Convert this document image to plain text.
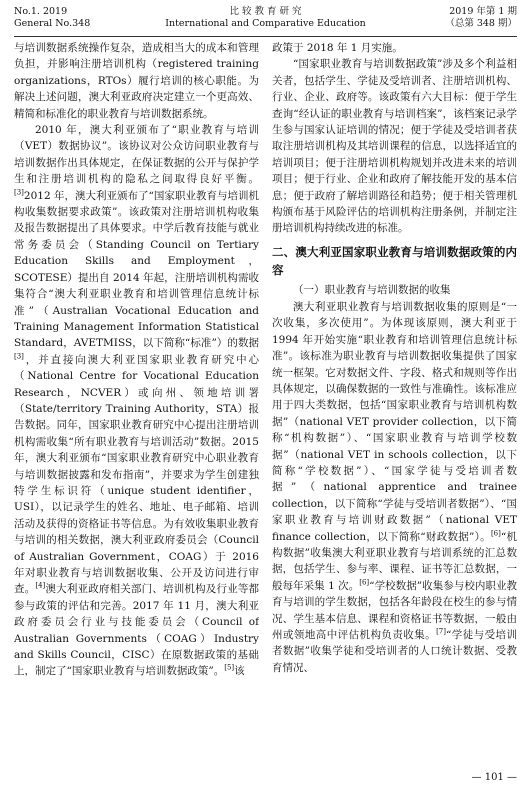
No.1. 2019
General No.348
比 较 教 育 研 究
International and Comparative Education
2019 年第 1 期
（总第 348 期）

与培训数据系统操作复杂，造成相当大的成本和管理负担，并影响注册培训机构（registered training organizations，RTOs）履行培训的核心职能。为解决上述问题，澳大利亚政府决定建立一个更高效、精简和标准化的职业教育与培训数据系统。

2010 年，澳大利亚颁布了“职业教育与培训（VET）数据协议”。该协议对公众访问职业教育与培训数据作出具体规定，在保证数据的公开与保护学生和注册培训机构的隐私之间取得良好平衡。[3]2012 年，澳大利亚颁布了“国家职业教育与培训机构收集数据要求政策”。该政策对注册培训机构收集及报告数据提出了具体要求。中学后教育技能与就业常务委员会（Standing Council on Tertiary Education Skills and Employment，SCOTESE）提出自 2014 年起，注册培训机构需收集符合“澳大利亚职业教育和培训管理信息统计标准”（Australian Vocational Education and Training Management Information Statistical Standard，AVETMISS，以下简称“标准”）的数据[3]，并直接向澳大利亚国家职业教育研究中心（National Centre for Vocational Education Research，NCVER）或向州、领地培训署（State/territory Training Authority，STA）报告数据。同年，国家职业教育研究中心提出注册培训机构需收集“所有职业教育与培训活动”数据。2015 年，澳大利亚颁布“国家职业教育研究中心职业教育与培训数据披露和发布指南”，并要求为学生创建独特学生标识符（unique student identifier，USI），以记录学生的姓名、地址、电子邮箱、培训活动及获得的资格证书等信息。为有效收集职业教育与培训的相关数据，澳大利亚政府委员会（Council of Australian Government，COAG）于 2016 年对职业教育与培训数据收集、公开及访问进行审查。[4]澳大利亚政府相关部门、培训机构及行业等都参与政策的评估和完善。2017 年 11 月，澳大利亚政府委员会行业与技能委员会（Council of Australian Governments（COAG）Industry and Skills Council，CISC）在原数据政策的基础上，制定了“国家职业教育与培训数据政策”。[5]该

政策于 2018 年 1 月实施。

“国家职业教育与培训数据政策”涉及多个利益相关者，包括学生、学徒及受培训者、注册培训机构、行业、企业、政府等。该政策有六大目标：便于学生查询“经认证的职业教育与培训档案”，该档案记录学生参与国家认证培训的情况；便于学徒及受培训者获取注册培训机构及其培训课程的信息，以选择适宜的培训项目；便于注册培训机构规划并改进未来的培训项目；便于行业、企业和政府了解技能开发的基本信息；便于政府了解培训路径和趋势；便于相关管理机构颁布基于风险评估的培训机构注册条例，并制定注册培训机构持续改进的标准。

二、澳大利亚国家职业教育与培训数据政策的内容

（一）职业教育与培训数据的收集

澳大利亚职业教育与培训数据收集的原则是“一次收集，多次使用”。为体现该原则，澳大利亚于 1994 年开始实施“职业教育和培训管理信息统计标准”。该标准为职业教育与培训数据收集提供了国家统一框架。它对数据文件、字段、格式和规则等作出具体规定，以确保数据的一致性与准确性。该标准应用于四大类数据，包括“国家职业教育与培训机构数据”（national VET provider collection，以下简称“机构数据”）、“国家职业教育与培训学校数据”（national VET in schools collection，以下简称“学校数据”）、“国家学徒与受培训者数据”（national apprentice and trainee collection，以下简称“学徒与受培训者数据”）、“国家职业教育与培训财政数据”（national VET finance collection，以下简称“财政数据”）。[6]“机构数据”收集澳大利亚职业教育与培训系统的汇总数据，包括学生、参与率、课程、证书等汇总数据，一般每年采集 1 次。[6]“学校数据”收集参与校内职业教育与培训的学生数据，包括各年龄段在校生的参与情况、学生基本信息、课程和资格证书等数据，一般由州或领地高中评估机构负责收集。[7]“学徒与受培训者数据”收集学徒和受培训者的人口统计数据、受教育情况、

— 101 —
